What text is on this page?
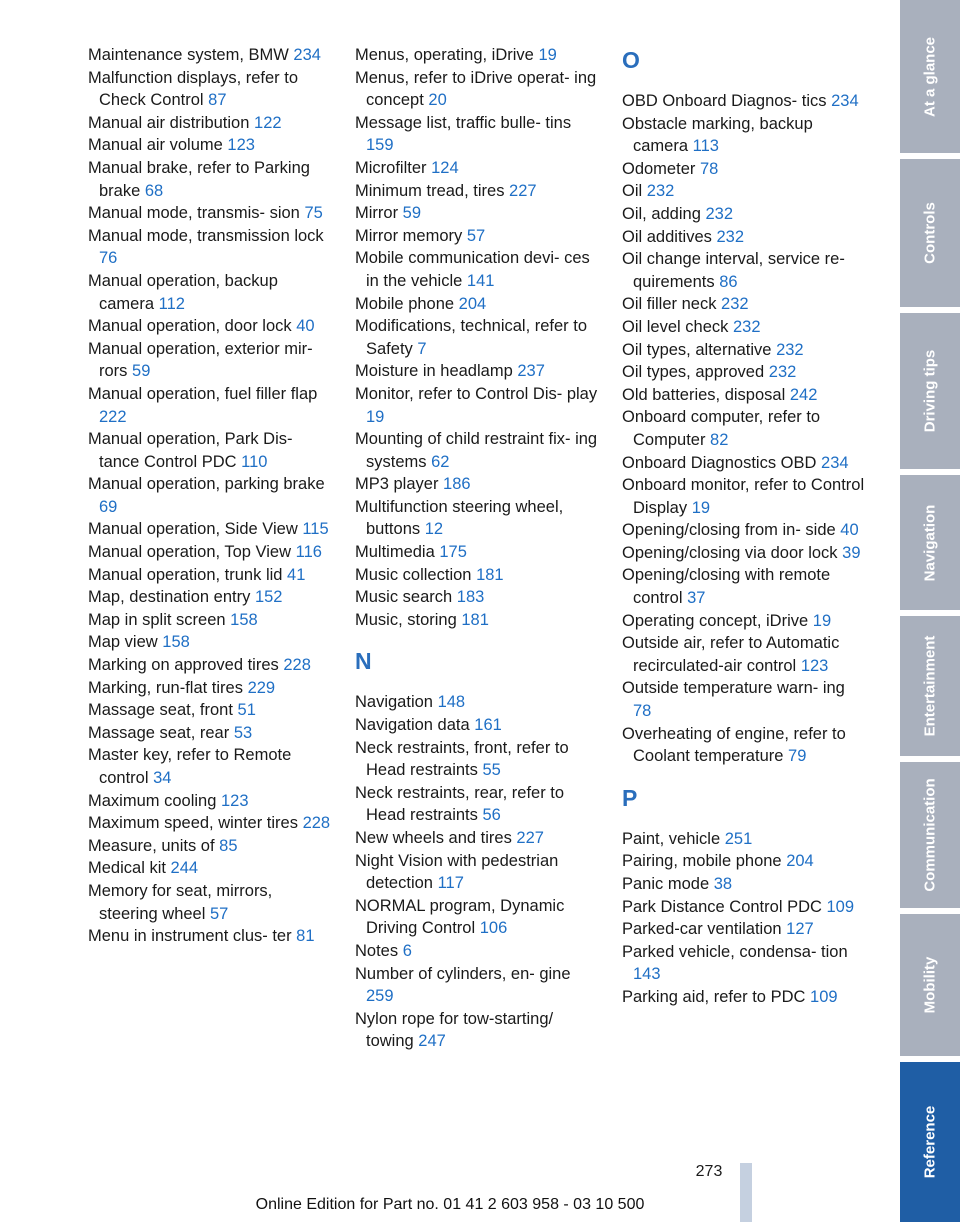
Maintenance system, BMW 234
Malfunction displays, refer to Check Control 87
Manual air distribution 122
Manual air volume 123
Manual brake, refer to Parking brake 68
Manual mode, transmis‐ sion 75
Manual mode, transmission lock 76
Manual operation, backup camera 112
Manual operation, door lock 40
Manual operation, exterior mir‐ rors 59
Manual operation, fuel filler flap 222
Manual operation, Park Dis‐ tance Control PDC 110
Manual operation, parking brake 69
Manual operation, Side View 115
Manual operation, Top View 116
Manual operation, trunk lid 41
Map, destination entry 152
Map in split screen 158
Map view 158
Marking on approved tires 228
Marking, run-flat tires 229
Massage seat, front 51
Massage seat, rear 53
Master key, refer to Remote control 34
Maximum cooling 123
Maximum speed, winter tires 228
Measure, units of 85
Medical kit 244
Memory for seat, mirrors, steering wheel 57
Menu in instrument clus‐ ter 81
Menus, operating, iDrive 19
Menus, refer to iDrive operat‐ ing concept 20
Message list, traffic bulle‐ tins 159
Microfilter 124
Minimum tread, tires 227
Mirror 59
Mirror memory 57
Mobile communication devi‐ ces in the vehicle 141
Mobile phone 204
Modifications, technical, refer to Safety 7
Moisture in headlamp 237
Monitor, refer to Control Dis‐ play 19
Mounting of child restraint fix‐ ing systems 62
MP3 player 186
Multifunction steering wheel, buttons 12
Multimedia 175
Music collection 181
Music search 183
Music, storing 181
N
Navigation 148
Navigation data 161
Neck restraints, front, refer to Head restraints 55
Neck restraints, rear, refer to Head restraints 56
New wheels and tires 227
Night Vision with pedestrian detection 117
NORMAL program, Dynamic Driving Control 106
Notes 6
Number of cylinders, en‐ gine 259
Nylon rope for tow-starting/ towing 247
O
OBD Onboard Diagnos‐ tics 234
Obstacle marking, backup camera 113
Odometer 78
Oil 232
Oil, adding 232
Oil additives 232
Oil change interval, service re‐ quirements 86
Oil filler neck 232
Oil level check 232
Oil types, alternative 232
Oil types, approved 232
Old batteries, disposal 242
Onboard computer, refer to Computer 82
Onboard Diagnostics OBD 234
Onboard monitor, refer to Control Display 19
Opening/closing from in‐ side 40
Opening/closing via door lock 39
Opening/closing with remote control 37
Operating concept, iDrive 19
Outside air, refer to Automatic recirculated-air control 123
Outside temperature warn‐ ing 78
Overheating of engine, refer to Coolant temperature 79
P
Paint, vehicle 251
Pairing, mobile phone 204
Panic mode 38
Park Distance Control PDC 109
Parked-car ventilation 127
Parked vehicle, condensa‐ tion 143
Parking aid, refer to PDC 109
At a glance
Controls
Driving tips
Navigation
Entertainment
Communication
Mobility
Reference
273
Online Edition for Part no. 01 41 2 603 958 - 03 10 500
